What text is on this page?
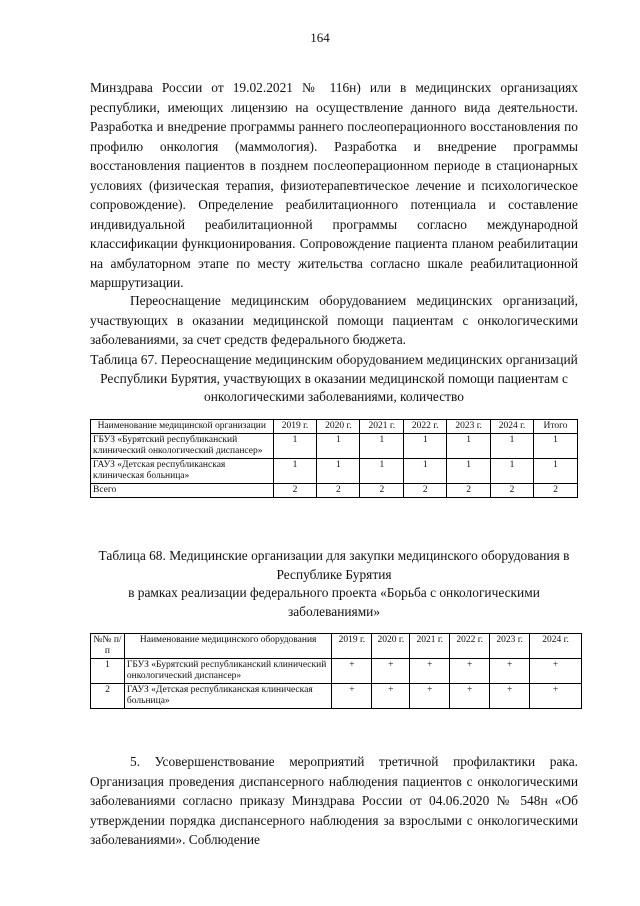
164

Минздрава России от 19.02.2021 № 116н) или в медицинских организациях республики, имеющих лицензию на осуществление данного вида деятельности. Разработка и внедрение программы раннего послеоперационного восстановления по профилю онкология (маммология). Разработка и внедрение программы восстановления пациентов в позднем послеоперационном периоде в стационарных условиях (физическая терапия, физиотерапевтическое лечение и психологическое сопровождение). Определение реабилитационного потенциала и составление индивидуальной реабилитационной программы согласно международной классификации функционирования. Сопровождение пациента планом реабилитации на амбулаторном этапе по месту жительства согласно шкале реабилитационной маршрутизации.

Переоснащение медицинским оборудованием медицинских организаций, участвующих в оказании медицинской помощи пациентам с онкологическими заболеваниями, за счет средств федерального бюджета.

Таблица 67. Переоснащение медицинским оборудованием медицинских организаций Республики Бурятия, участвующих в оказании медицинской помощи пациентам с онкологическими заболеваниями, количество

Наименование медицинской организации	2019 г.	2020 г.	2021 г.	2022 г.	2023 г.	2024 г.	Итого
ГБУЗ «Бурятский республиканский клинический онкологический диспансер»	1	1	1	1	1	1	1
ГАУЗ «Детская республиканская клиническая больница»	1	1	1	1	1	1	1
Всего	2	2	2	2	2	2	2

Таблица 68. Медицинские организации для закупки медицинского оборудования в Республике Бурятия

в рамках реализации федерального проекта «Борьба с онкологическими заболеваниями»

№№ п/п	Наименование медицинского оборудования	2019 г.	2020 г.	2021 г.	2022 г.	2023 г.	2024 г.
1	ГБУЗ «Бурятский республиканский клинический онкологический диспансер»	+	+	+	+	+	+
2	ГАУЗ «Детская республиканская клиническая больница»	+	+	+	+	+	+

5. Усовершенствование мероприятий третичной профилактики рака. Организация проведения диспансерного наблюдения пациентов с онкологическими заболеваниями согласно приказу Минздрава России от 04.06.2020 № 548н «Об утверждении порядка диспансерного наблюдения за взрослыми с онкологическими заболеваниями». Соблюдение
